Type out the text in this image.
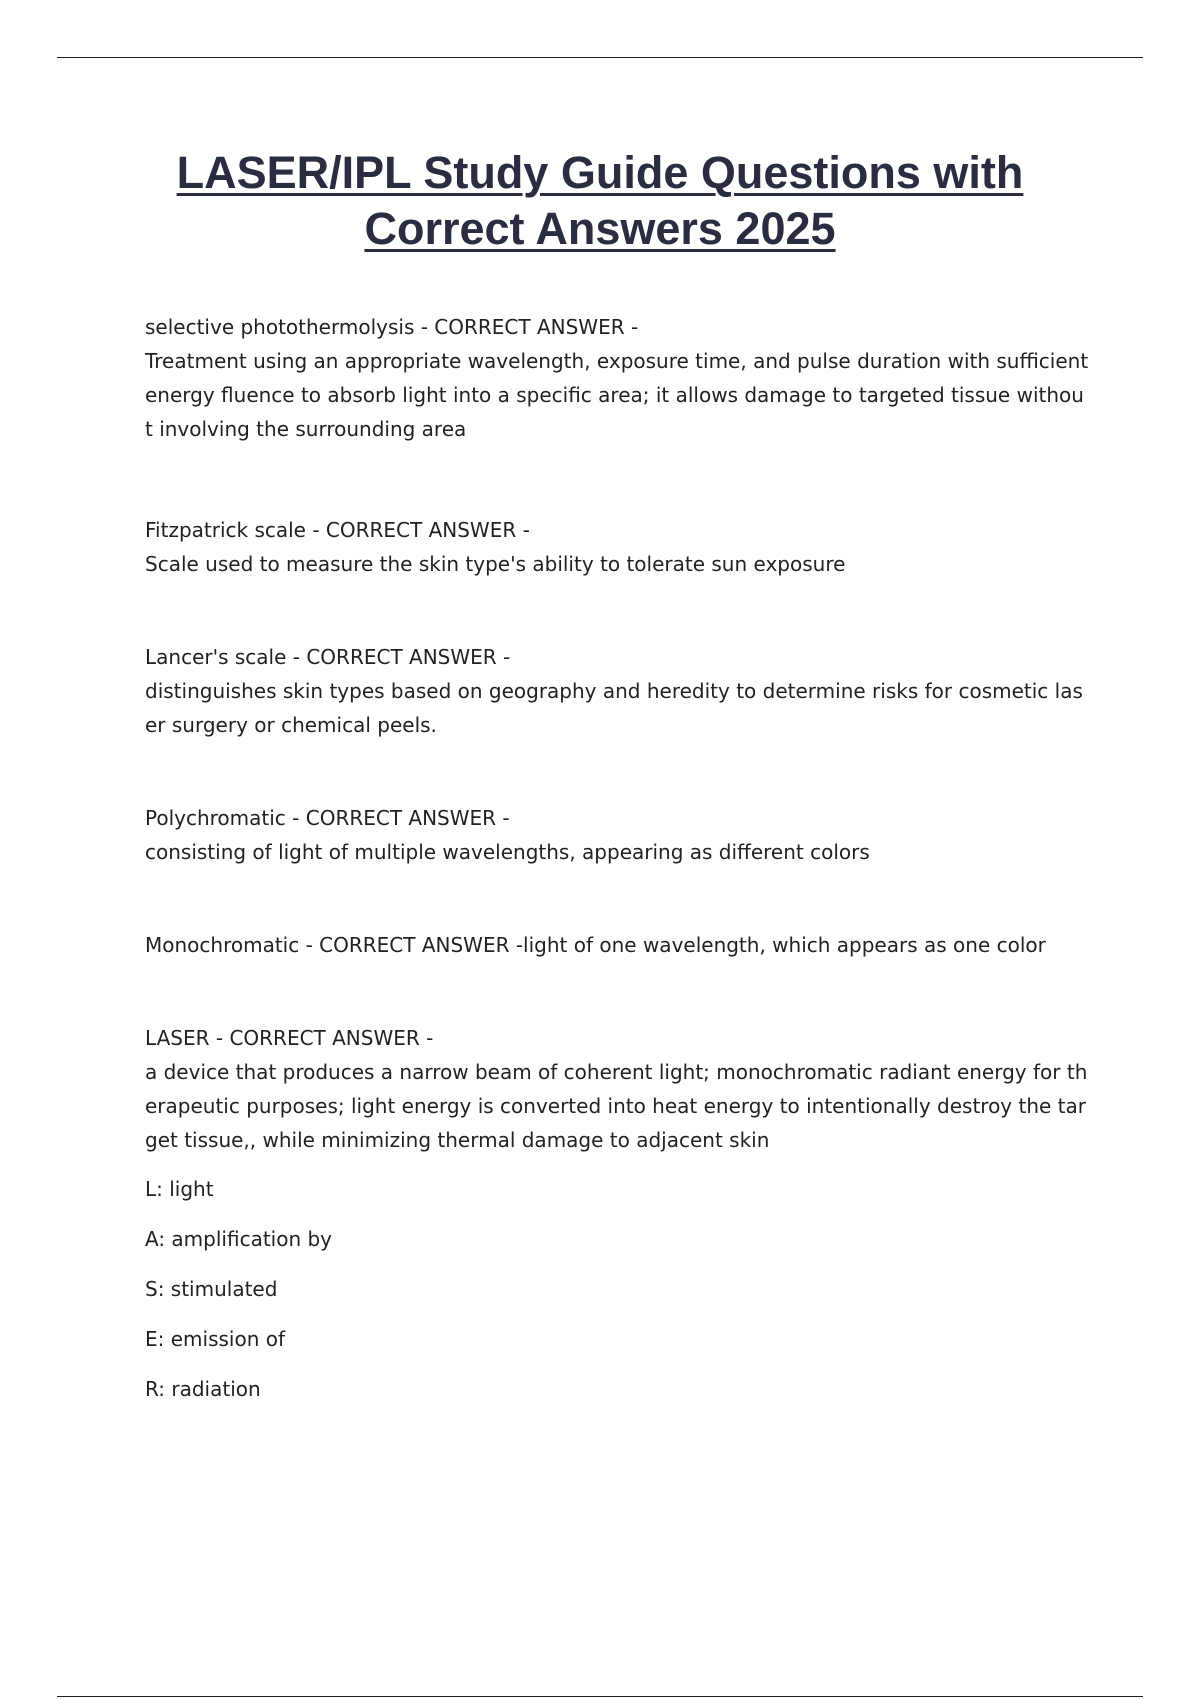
LASER/IPL Study Guide Questions with
Correct Answers 2025

selective photothermolysis - CORRECT ANSWER -

Treatment using an appropriate wavelength, exposure time, and pulse duration with sufficient energy fluence to absorb light into a specific area; it allows damage to targeted tissue without involving the surrounding area

Fitzpatrick scale - CORRECT ANSWER -

Scale used to measure the skin type's ability to tolerate sun exposure

Lancer's scale - CORRECT ANSWER -

distinguishes skin types based on geography and heredity to determine risks for cosmetic laser surgery or chemical peels.

Polychromatic - CORRECT ANSWER -

consisting of light of multiple wavelengths, appearing as different colors

Monochromatic - CORRECT ANSWER -light of one wavelength, which appears as one color

LASER - CORRECT ANSWER -

a device that produces a narrow beam of coherent light; monochromatic radiant energy for therapeutic purposes; light energy is converted into heat energy to intentionally destroy the target tissue,, while minimizing thermal damage to adjacent skin

L: light

A: amplification by

S: stimulated

E: emission of

R: radiation
